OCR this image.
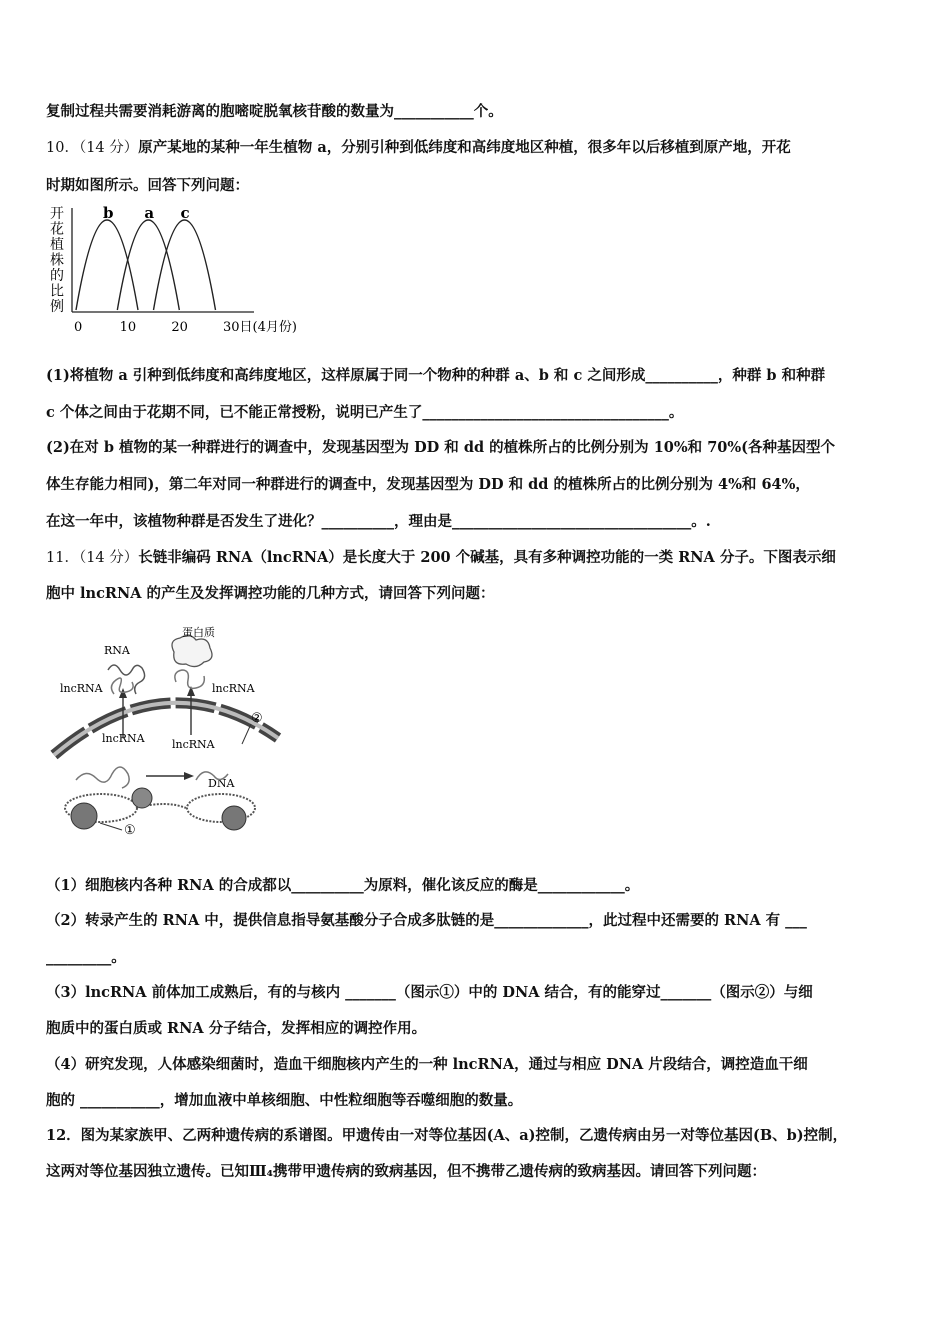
复制过程共需要消耗游离的胞嘧啶脱氧核苷酸的数量为___________个。
10．（14 分）原产某地的某种一年生植物 a，分别引种到低纬度和高纬度地区种植，很多年以后移植到原产地，开花
时期如图所示。回答下列问题：
开
花
植
株
的
比
例
b a c
0	10	20	30日(4月份)
(1)将植物 a 引种到低纬度和高纬度地区，这样原属于同一个物种的种群 a、b 和 c 之间形成__________，种群 b 和种群
c 个体之间由于花期不同，已不能正常授粉，说明已产生了__________________________________。
(2)在对 b 植物的某一种群进行的调查中，发现基因型为 DD 和 dd 的植株所占的比例分别为 10%和 70%(各种基因型个
体生存能力相同)，第二年对同一种群进行的调查中，发现基因型为 DD 和 dd 的植株所占的比例分别为 4%和 64%，
在这一年中，该植物种群是否发生了进化？__________，理由是_________________________________。.
11．（14 分）长链非编码 RNA（lncRNA）是长度大于 200 个碱基，具有多种调控功能的一类 RNA 分子。下图表示细
胞中 lncRNA 的产生及发挥调控功能的几种方式，请回答下列问题：
RNA
蛋白质
lncRNA	lncRNA
lncRNA lncRNA
DNA
②
①
（1）细胞核内各种 RNA 的合成都以__________为原料，催化该反应的酶是____________。
（2）转录产生的 RNA 中，提供信息指导氨基酸分子合成多肽链的是_____________，此过程中还需要的 RNA 有 ___
_________。
（3）lncRNA 前体加工成熟后，有的与核内 _______（图示①）中的 DNA 结合，有的能穿过_______（图示②）与细
胞质中的蛋白质或 RNA 分子结合，发挥相应的调控作用。
（4）研究发现，人体感染细菌时，造血干细胞核内产生的一种 lncRNA，通过与相应 DNA 片段结合，调控造血干细
胞的 ___________，增加血液中单核细胞、中性粒细胞等吞噬细胞的数量。
12．图为某家族甲、乙两种遗传病的系谱图。甲遗传由一对等位基因(A、a)控制，乙遗传病由另一对等位基因(B、b)控制，
这两对等位基因独立遗传。已知Ⅲ₄携带甲遗传病的致病基因，但不携带乙遗传病的致病基因。请回答下列问题：
